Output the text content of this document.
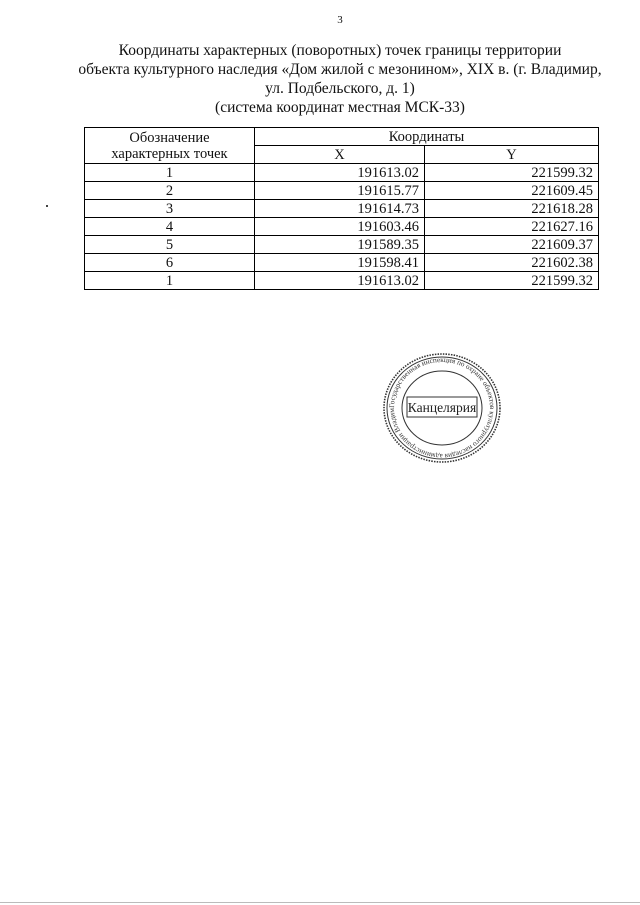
3
Координаты характерных (поворотных) точек границы территории
объекта культурного наследия «Дом жилой с мезонином», XIX в. (г. Владимир,
ул. Подбельского, д. 1)
(система координат местная МСК-33)
Обозначение характерных точек	Координаты	
	X	Y
1	191613.02	221599.32
2	191615.77	221609.45
3	191614.73	221618.28
4	191603.46	221627.16
5	191589.35	221609.37
6	191598.41	221602.38
1	191613.02	221599.32
Государственная инспекция по охране объектов культурного наследия администрации Владим Канцелярия
